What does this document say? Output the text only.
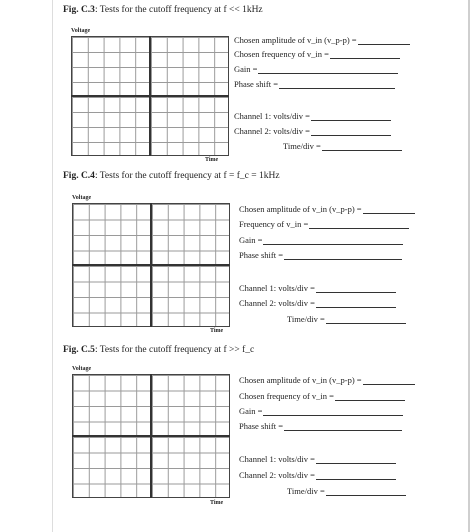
Fig. C.3: Tests for the cutoff frequency at f << 1kHz
Voltage
Time
Chosen amplitude of v_in (v_p-p) =
Chosen frequency of v_in =
Gain =
Phase shift =
Channel 1: volts/div =
Channel 2: volts/div =
Time/div =
Fig. C.4: Tests for the cutoff frequency at f = f_c = 1kHz
Voltage
Time
Chosen amplitude of v_in (v_p-p) =
Frequency of v_in =
Gain =
Phase shift =
Channel 1: volts/div =
Channel 2: volts/div =
Time/div =
Fig. C.5: Tests for the cutoff frequency at f >> f_c
Voltage
Time
Chosen amplitude of v_in (v_p-p) =
Chosen frequency of v_in =
Gain =
Phase shift =
Channel 1: volts/div =
Channel 2: volts/div =
Time/div =
